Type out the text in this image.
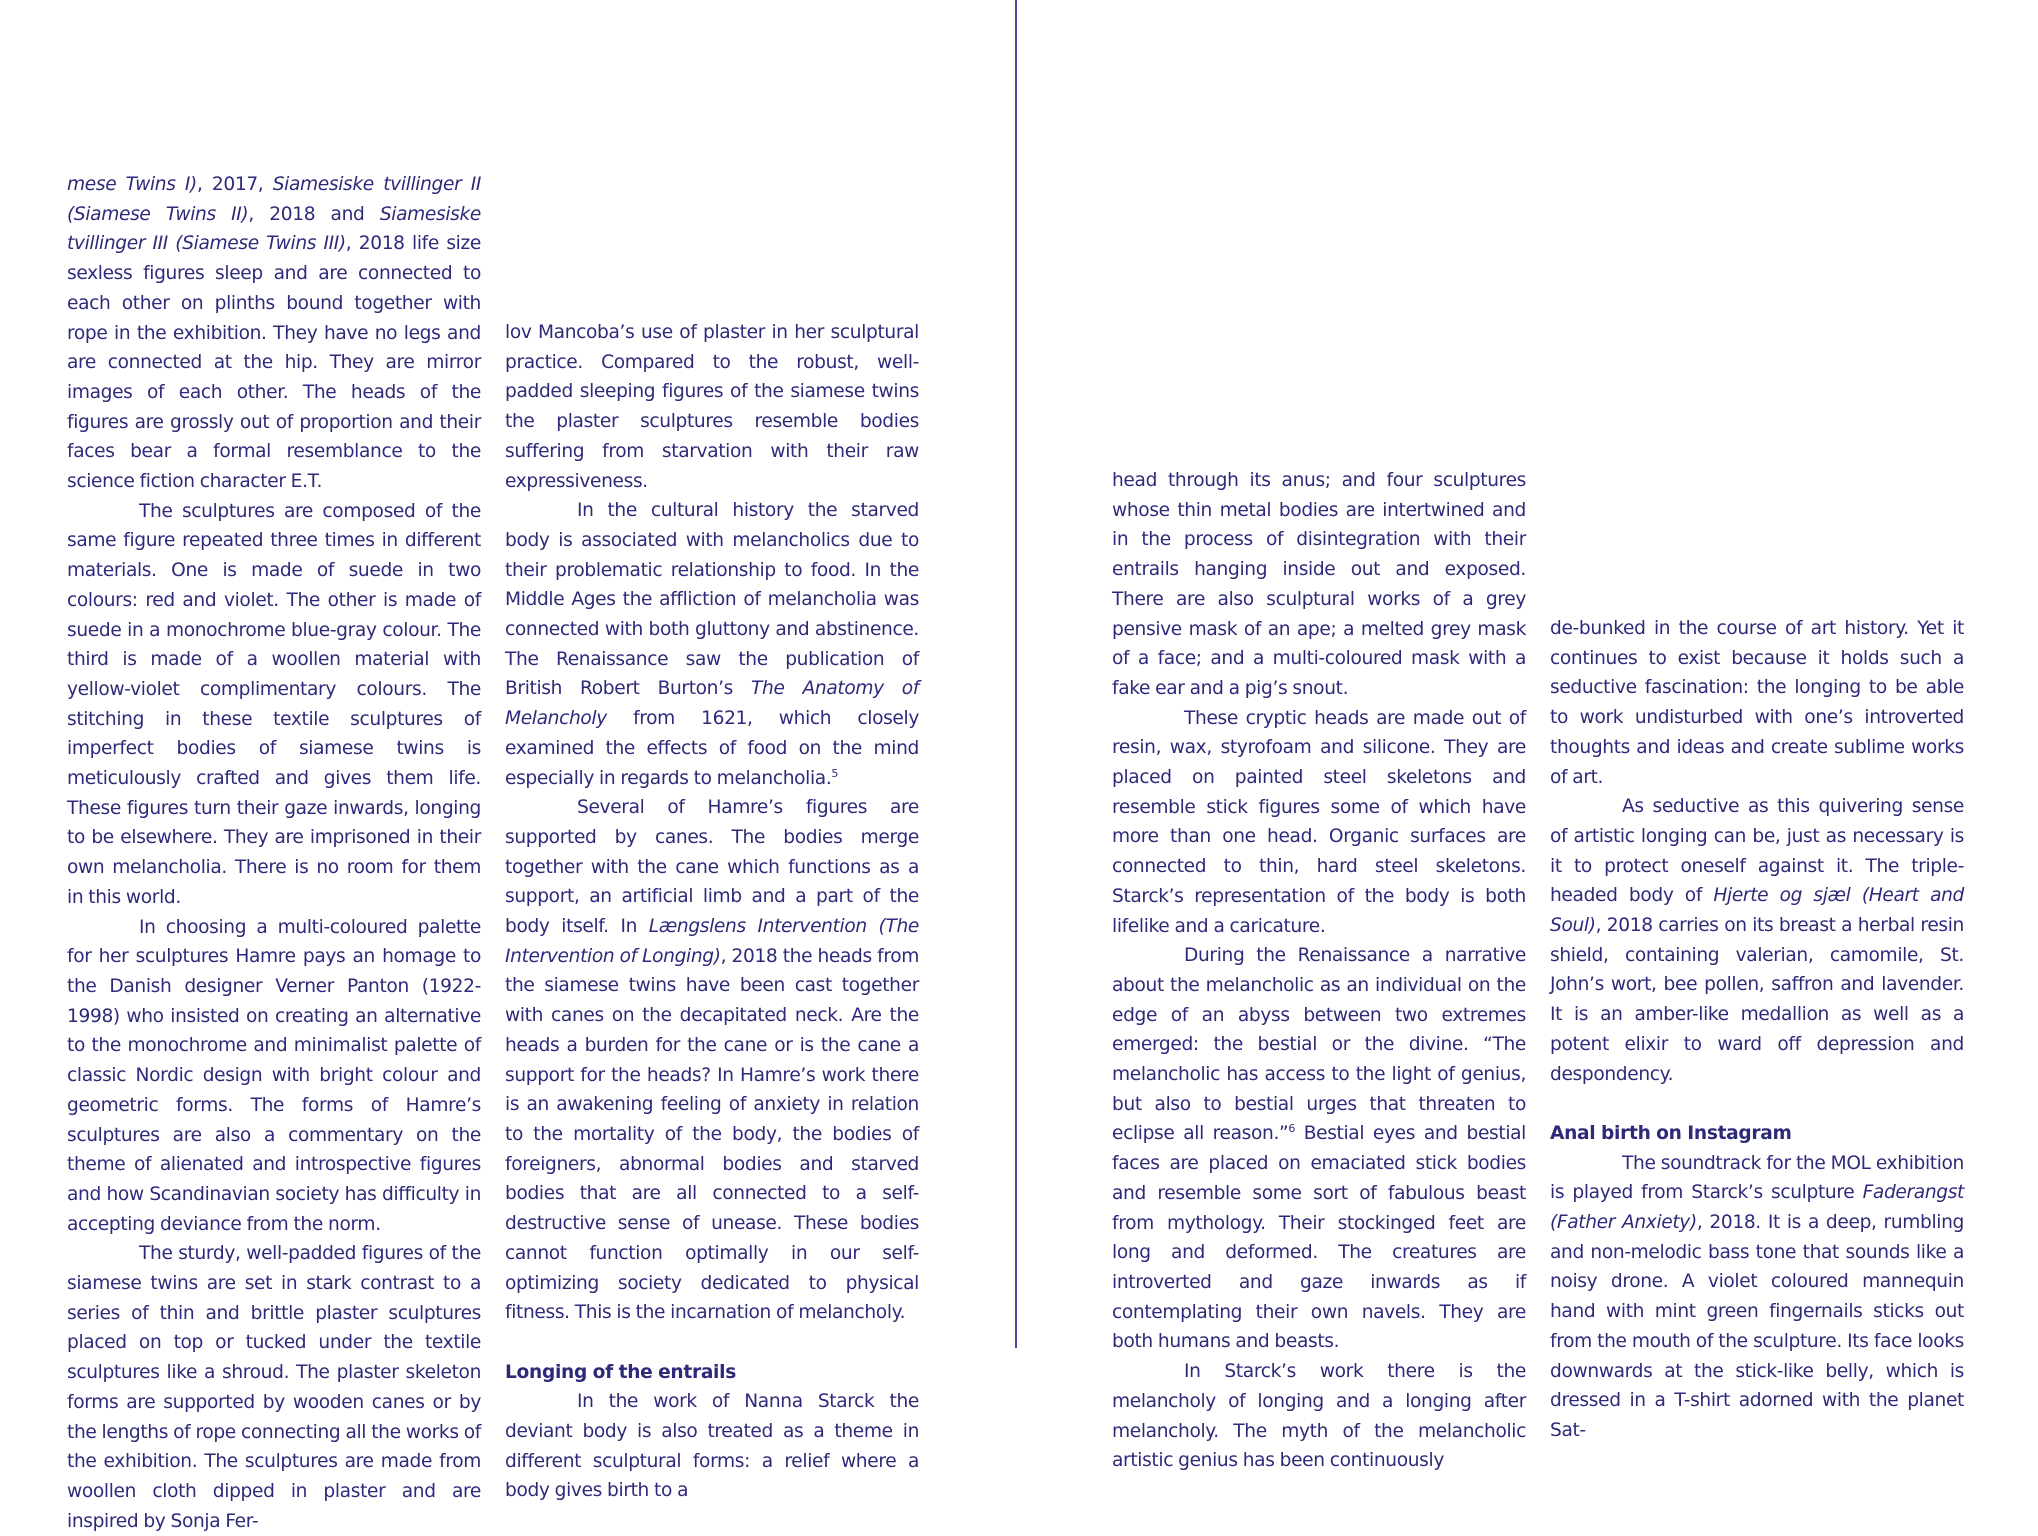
mese Twins I), 2017, Siamesiske tvillinger II (Siamese Twins II), 2018 and Siamesiske tvillinger III (Siamese Twins III), 2018 life size sexless figures sleep and are connected to each other on plinths bound together with rope in the exhibition. They have no legs and are connected at the hip. They are mirror images of each other. The heads of the figures are grossly out of proportion and their faces bear a formal resemblance to the science fiction character E.T.

The sculptures are composed of the same figure repeated three times in different materials. One is made of suede in two colours: red and violet. The other is made of suede in a monochrome blue-gray colour. The third is made of a woollen material with yellow-violet complimentary colours. The stitching in these textile sculptures of imperfect bodies of siamese twins is meticulously crafted and gives them life. These figures turn their gaze inwards, longing to be elsewhere. They are imprisoned in their own melancholia. There is no room for them in this world.

In choosing a multi-coloured palette for her sculptures Hamre pays an homage to the Danish designer Verner Panton (1922-1998) who insisted on creating an alternative to the monochrome and minimalist palette of classic Nordic design with bright colour and geometric forms. The forms of Hamre’s sculptures are also a commentary on the theme of alienated and introspective figures and how Scandinavian society has difficulty in accepting deviance from the norm.

The sturdy, well-padded figures of the siamese twins are set in stark contrast to a series of thin and brittle plaster sculptures placed on top or tucked under the textile sculptures like a shroud. The plaster skeleton forms are supported by wooden canes or by the lengths of rope connecting all the works of the exhibition. The sculptures are made from woollen cloth dipped in plaster and are inspired by Sonja Fer-

lov Mancoba’s use of plaster in her sculptural practice. Compared to the robust, well-padded sleeping figures of the siamese twins the plaster sculptures resemble bodies suffering from starvation with their raw expressiveness.

In the cultural history the starved body is associated with melancholics due to their problematic relationship to food. In the Middle Ages the affliction of melancholia was connected with both gluttony and abstinence. The Renaissance saw the publication of British Robert Burton’s The Anatomy of Melancholy from 1621, which closely examined the effects of food on the mind especially in regards to melancholia.$^5$

Several of Hamre’s figures are supported by canes. The bodies merge together with the cane which functions as a support, an artificial limb and a part of the body itself. In Længslens Intervention (The Intervention of Longing), 2018 the heads from the siamese twins have been cast together with canes on the decapitated neck. Are the heads a burden for the cane or is the cane a support for the heads? In Hamre’s work there is an awakening feeling of anxiety in relation to the mortality of the body, the bodies of foreigners, abnormal bodies and starved bodies that are all connected to a self-destructive sense of unease. These bodies cannot function optimally in our self-optimizing society dedicated to physical fitness. This is the incarnation of melancholy.

Longing of the entrails

In the work of Nanna Starck the deviant body is also treated as a theme in different sculptural forms: a relief where a body gives birth to a

head through its anus; and four sculptures whose thin metal bodies are intertwined and in the process of disintegration with their entrails hanging inside out and exposed. There are also sculptural works of a grey pensive mask of an ape; a melted grey mask of a face; and a multi-coloured mask with a fake ear and a pig’s snout.

These cryptic heads are made out of resin, wax, styrofoam and silicone. They are placed on painted steel skeletons and resemble stick figures some of which have more than one head. Organic surfaces are connected to thin, hard steel skeletons. Starck’s representation of the body is both lifelike and a caricature.

During the Renaissance a narrative about the melancholic as an individual on the edge of an abyss between two extremes emerged: the bestial or the divine. “The melancholic has access to the light of genius, but also to bestial urges that threaten to eclipse all reason.”$^6$ Bestial eyes and bestial faces are placed on emaciated stick bodies and resemble some sort of fabulous beast from mythology. Their stockinged feet are long and deformed. The creatures are introverted and gaze inwards as if contemplating their own navels. They are both humans and beasts.

In Starck’s work there is the melancholy of longing and a longing after melancholy. The myth of the melancholic artistic genius has been continuously

de-bunked in the course of art history. Yet it continues to exist because it holds such a seductive fascination: the longing to be able to work undisturbed with one’s introverted thoughts and ideas and create sublime works of art.

As seductive as this quivering sense of artistic longing can be, just as necessary is it to protect oneself against it. The triple-headed body of Hjerte og sjæl (Heart and Soul), 2018 carries on its breast a herbal resin shield, containing valerian, camomile, St. John’s wort, bee pollen, saffron and lavender. It is an amber-like medallion as well as a potent elixir to ward off depression and despondency.

Anal birth on Instagram

The soundtrack for the MOL exhibition is played from Starck’s sculpture Faderangst (Father Anxiety), 2018. It is a deep, rumbling and non-melodic bass tone that sounds like a noisy drone. A violet coloured mannequin hand with mint green fingernails sticks out from the mouth of the sculpture. Its face looks downwards at the stick-like belly, which is dressed in a T-shirt adorned with the planet Sat-
